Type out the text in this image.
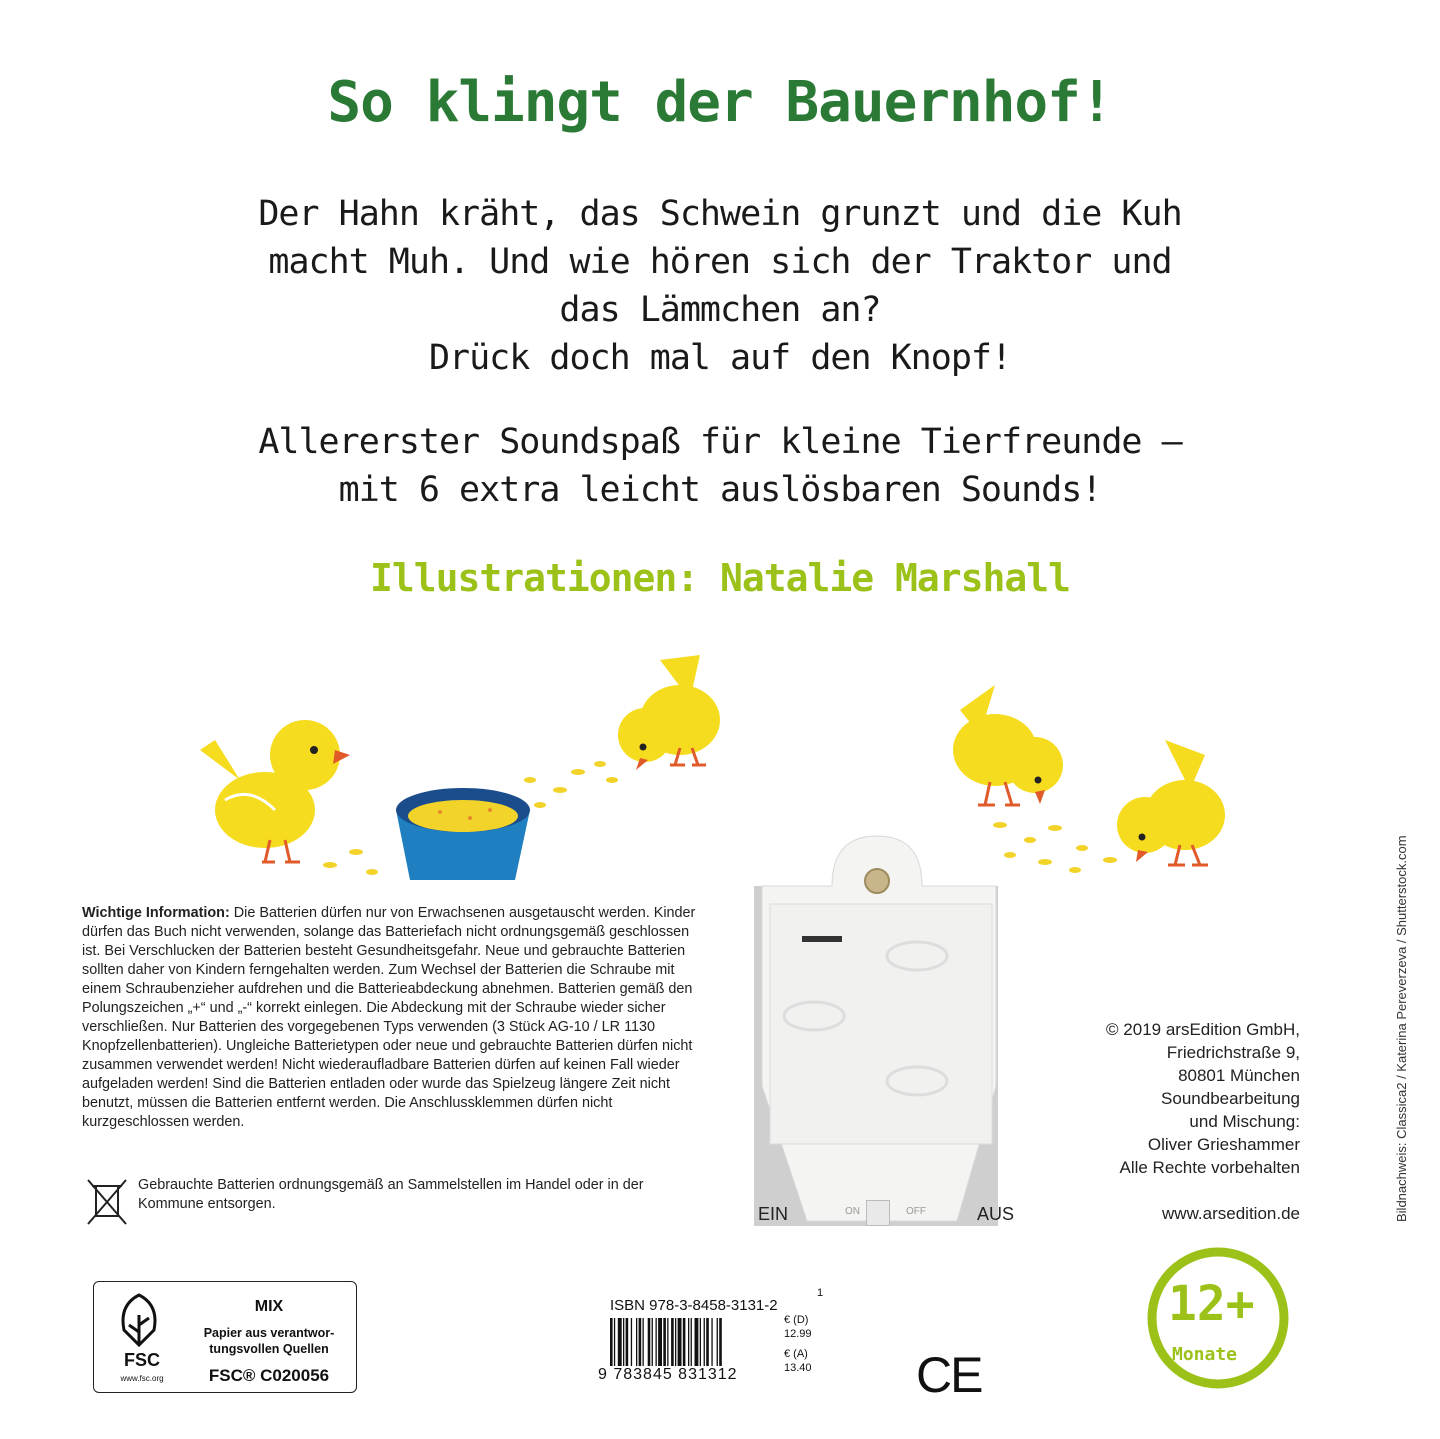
So klingt der Bauernhof!
Der Hahn kräht, das Schwein grunzt und die Kuh
macht Muh. Und wie hören sich der Traktor und
das Lämmchen an?
Drück doch mal auf den Knopf!
Allererster Soundspaß für kleine Tierfreunde –
mit 6 extra leicht auslösbaren Sounds!
Illustrationen: Natalie Marshall
EIN	AUS
ON	OFF
Wichtige Information: Die Batterien dürfen nur von Erwachsenen ausgetauscht werden. Kinder dürfen das Buch nicht verwenden, solange das Batteriefach nicht ordnungsgemäß geschlossen ist. Bei Verschlucken der Batterien besteht Gesundheitsgefahr. Neue und gebrauchte Batterien sollten daher von Kindern ferngehalten werden. Zum Wechsel der Batterien die Schraube mit einem Schraubenzieher aufdrehen und die Batterieabdeckung abnehmen. Batterien gemäß den Polungszeichen „+“ und „-“ korrekt einlegen. Die Abdeckung mit der Schraube wieder sicher verschließen. Nur Batterien des vorgegebenen Typs verwenden (3 Stück AG-10 / LR 1130 Knopfzellenbatterien). Ungleiche Batterietypen oder neue und gebrauchte Batterien dürfen nicht zusammen verwendet werden! Nicht wiederaufladbare Batterien dürfen auf keinen Fall wieder aufgeladen werden! Sind die Batterien entladen oder wurde das Spielzeug längere Zeit nicht benutzt, müssen die Batterien entfernt werden. Die Anschlussklemmen dürfen nicht kurzgeschlossen werden.
Gebrauchte Batterien ordnungsgemäß an Sammelstellen im Handel oder in der Kommune entsorgen.
© 2019 arsEdition GmbH,
Friedrichstraße 9,
80801 München
Soundbearbeitung
und Mischung:
Oliver Grieshammer
Alle Rechte vorbehalten
www.arsedition.de	Bildnachweis: Classica2 / Katerina Pereverzeva / Shutterstock.com
FSC
www.fsc.org
MIX
Papier aus verantwor-
tungsvollen Quellen
FSC® C020056
ISBN 978-3-8458-3131-2
1
9 783845 831312
€ (D)
12.99
€ (A)
13.40 CE
12+
Monate
